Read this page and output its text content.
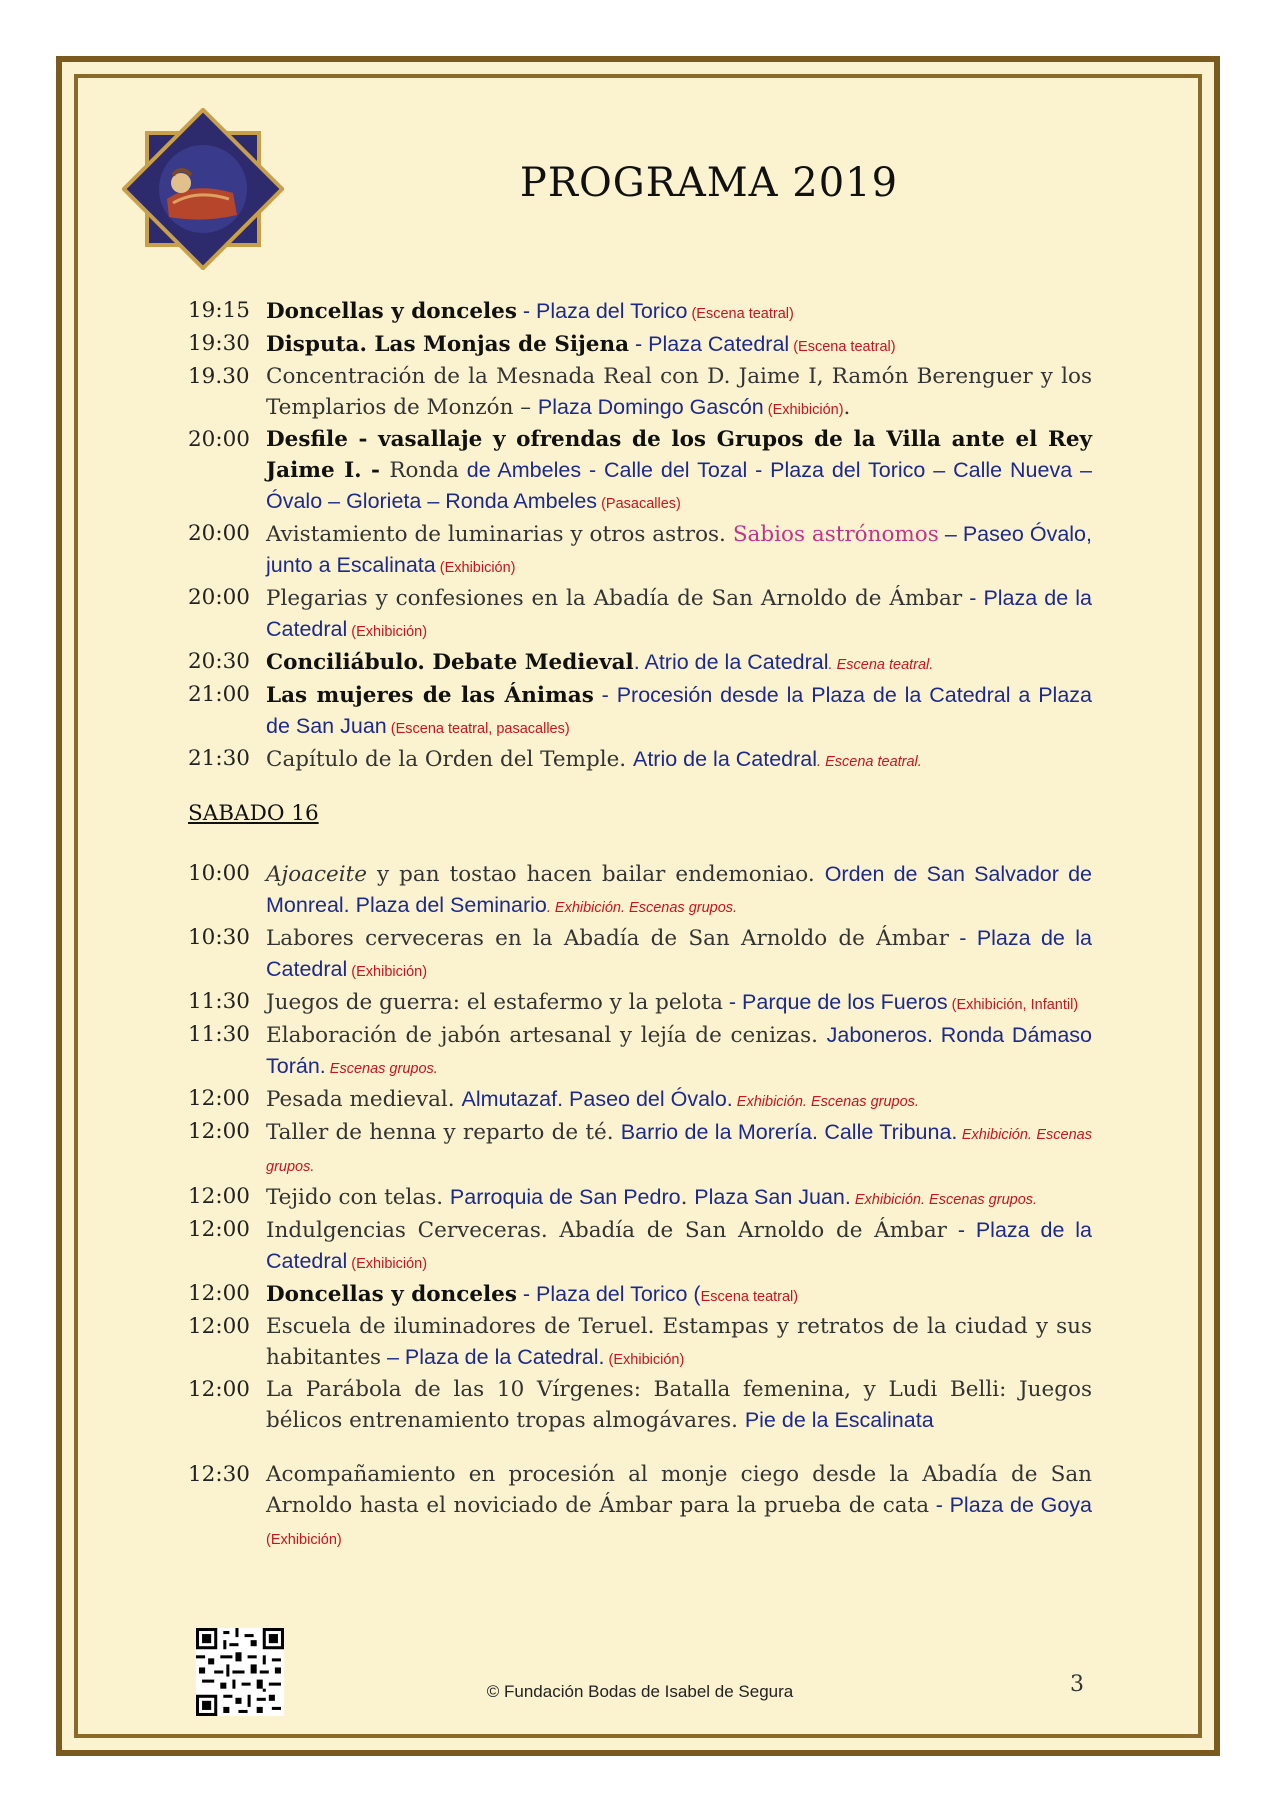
PROGRAMA 2019
19:15 Doncellas y donceles - Plaza del Torico (Escena teatral)
19:30 Disputa. Las Monjas de Sijena - Plaza Catedral (Escena teatral)
19.30 Concentración de la Mesnada Real con D. Jaime I, Ramón Berenguer y los Templarios de Monzón – Plaza Domingo Gascón (Exhibición).
20:00 Desfile - vasallaje y ofrendas de los Grupos de la Villa ante el Rey Jaime I. - Ronda de Ambeles - Calle del Tozal - Plaza del Torico – Calle Nueva – Óvalo – Glorieta – Ronda Ambeles (Pasacalles)
20:00 Avistamiento de luminarias y otros astros. Sabios astrónomos – Paseo Óvalo, junto a Escalinata (Exhibición)
20:00 Plegarias y confesiones en la Abadía de San Arnoldo de Ámbar - Plaza de la Catedral (Exhibición)
20:30 Conciliábulo. Debate Medieval. Atrio de la Catedral. Escena teatral.
21:00 Las mujeres de las Ánimas - Procesión desde la Plaza de la Catedral a Plaza de San Juan (Escena teatral, pasacalles)
21:30 Capítulo de la Orden del Temple. Atrio de la Catedral. Escena teatral.
SABADO 16
10:00 Ajoaceite y pan tostao hacen bailar endemoniao. Orden de San Salvador de Monreal. Plaza del Seminario. Exhibición. Escenas grupos.
10:30 Labores cerveceras en la Abadía de San Arnoldo de Ámbar - Plaza de la Catedral (Exhibición)
11:30 Juegos de guerra: el estafermo y la pelota - Parque de los Fueros (Exhibición, Infantil)
11:30 Elaboración de jabón artesanal y lejía de cenizas. Jaboneros. Ronda Dámaso Torán. Escenas grupos.
12:00 Pesada medieval. Almutazaf. Paseo del Óvalo. Exhibición. Escenas grupos.
12:00 Taller de henna y reparto de té. Barrio de la Morería. Calle Tribuna. Exhibición. Escenas grupos.
12:00 Tejido con telas. Parroquia de San Pedro. Plaza San Juan. Exhibición. Escenas grupos.
12:00 Indulgencias Cerveceras. Abadía de San Arnoldo de Ámbar - Plaza de la Catedral (Exhibición)
12:00 Doncellas y donceles - Plaza del Torico (Escena teatral)
12:00 Escuela de iluminadores de Teruel. Estampas y retratos de la ciudad y sus habitantes – Plaza de la Catedral. (Exhibición)
12:00 La Parábola de las 10 Vírgenes: Batalla femenina, y Ludi Belli: Juegos bélicos entrenamiento tropas almogávares. Pie de la Escalinata
12:30 Acompañamiento en procesión al monje ciego desde la Abadía de San Arnoldo hasta el noviciado de Ámbar para la prueba de cata - Plaza de Goya (Exhibición)
© Fundación Bodas de Isabel de Segura	3
